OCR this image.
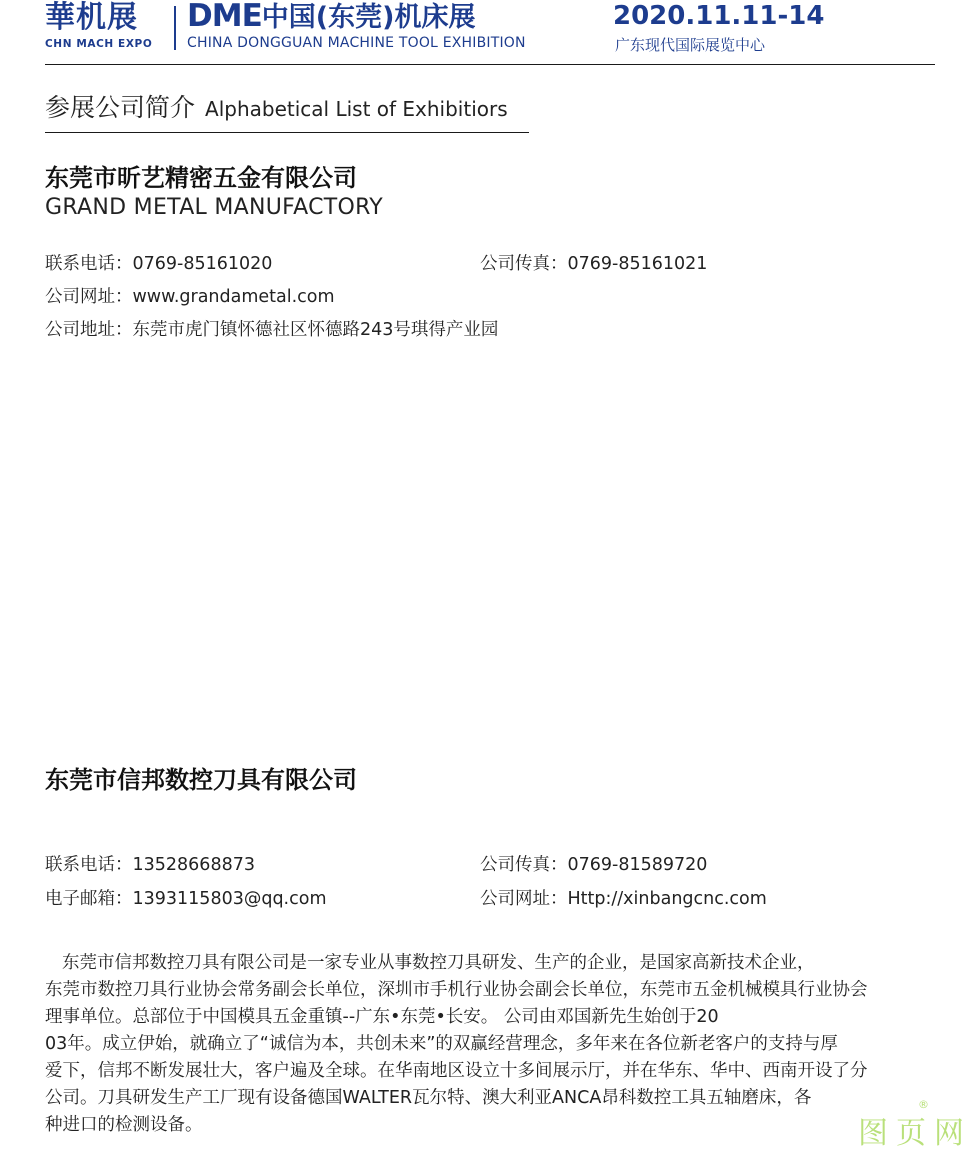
華机展
CHN MACH EXPO
DME中国(东莞)机床展	2020.11.11-14
CHINA DONGGUAN MACHINE TOOL EXHIBITION	广东现代国际展览中心
参展公司简介 Alphabetical List of Exhibitiors
东莞市昕艺精密五金有限公司
GRAND METAL MANUFACTORY
联系电话：0769-85161020	公司传真：0769-85161021
公司网址：www.grandametal.com
公司地址：东莞市虎门镇怀德社区怀德路243号琪得产业园
东莞市信邦数控刀具有限公司
联系电话：13528668873	公司传真：0769-81589720
电子邮箱：1393115803@qq.com	公司网址：Http://xinbangcnc.com
东莞市信邦数控刀具有限公司是一家专业从事数控刀具研发、生产的企业，是国家高新技术企业，
东莞市数控刀具行业协会常务副会长单位，深圳市手机行业协会副会长单位，东莞市五金机械模具行业协会
理事单位。总部位于中国模具五金重镇--广东•东莞•长安。 公司由邓国新先生始创于20
03年。成立伊始，就确立了“诚信为本，共创未来”的双赢经营理念，多年来在各位新老客户的支持与厚
爱下，信邦不断发展壮大，客户遍及全球。在华南地区设立十多间展示厅，并在华东、华中、西南开设了分
公司。刀具研发生产工厂现有设备德国WALTER瓦尔特、澳大利亚ANCA昂科数控工具五轴磨床，各
种进口的检测设备。	图页网
®
